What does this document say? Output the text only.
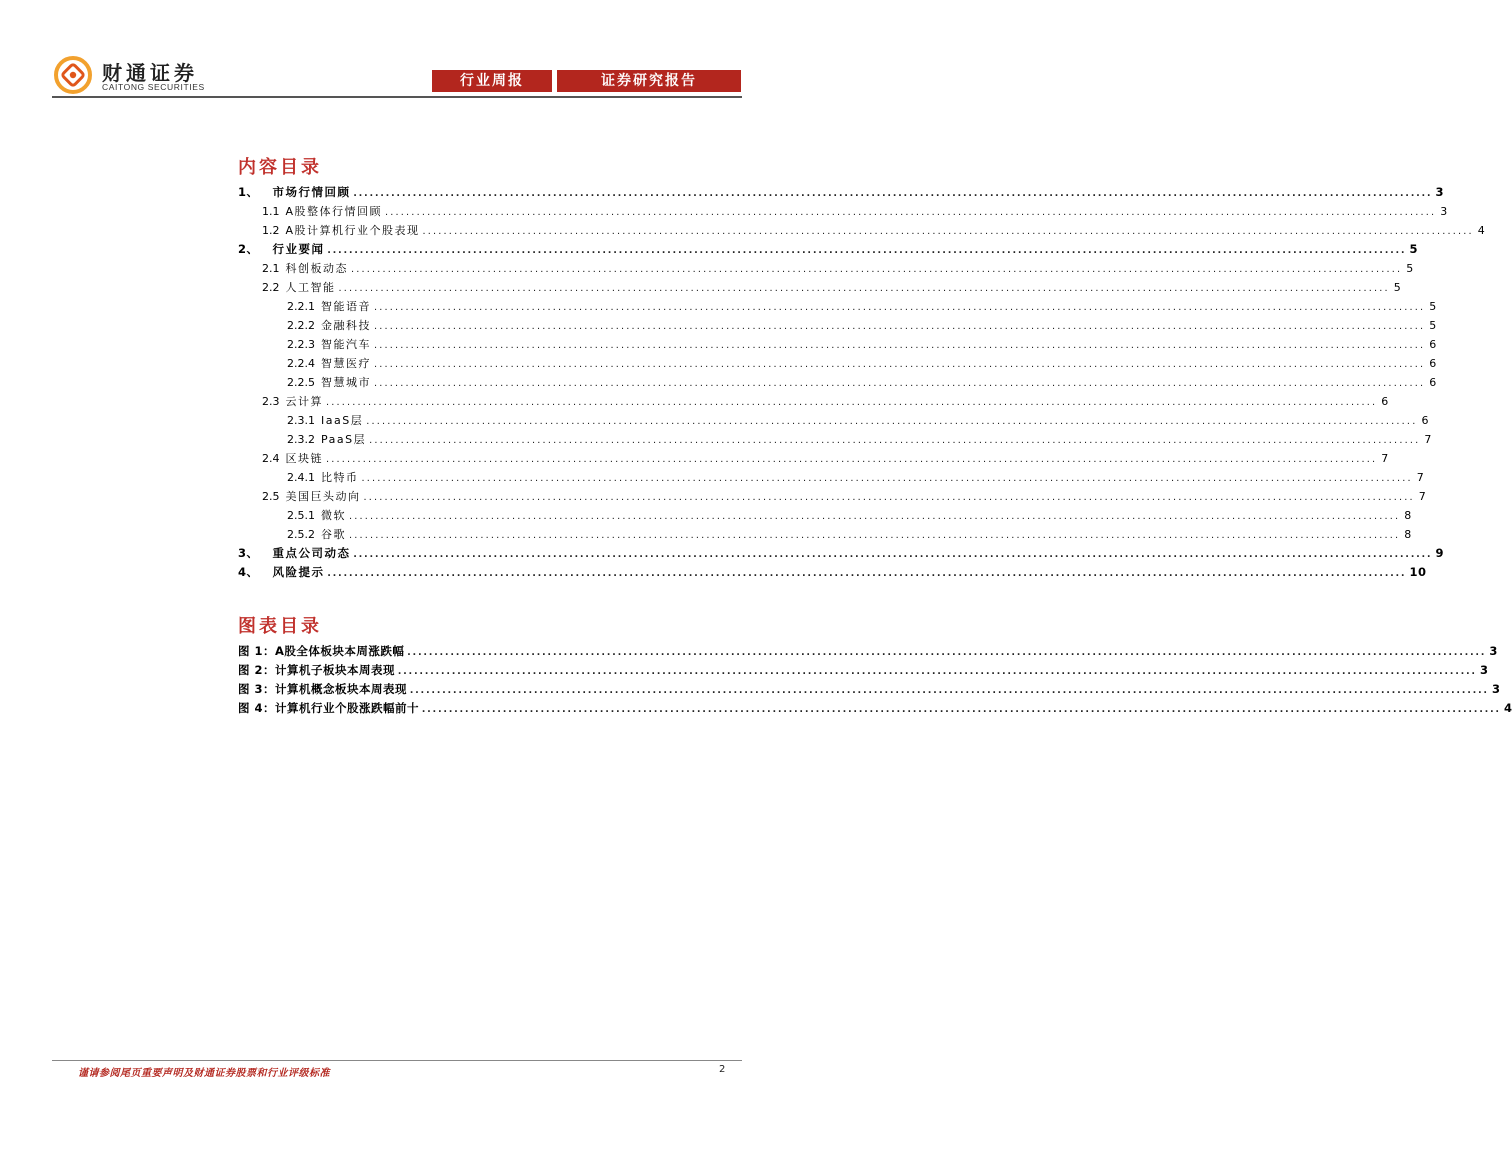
财通证券
CAITONG SECURITIES	行业周报	证券研究报告
内容目录
1、	市场行情回顾 ........................................................................................................................................................................................................ 3
1.1 A股整体行情回顾 ........................................................................................................................................................................................................ 3
1.2 A股计算机行业个股表现 ........................................................................................................................................................................................................ 4
2、	行业要闻 ........................................................................................................................................................................................................ 5
2.1 科创板动态 ........................................................................................................................................................................................................ 5
2.2 人工智能 ........................................................................................................................................................................................................ 5
2.2.1 智能语音 ........................................................................................................................................................................................................ 5
2.2.2 金融科技 ........................................................................................................................................................................................................ 5
2.2.3 智能汽车 ........................................................................................................................................................................................................ 6
2.2.4 智慧医疗 ........................................................................................................................................................................................................ 6
2.2.5 智慧城市 ........................................................................................................................................................................................................ 6
2.3 云计算 ........................................................................................................................................................................................................ 6
2.3.1 IaaS层 ........................................................................................................................................................................................................ 6
2.3.2 PaaS层 ........................................................................................................................................................................................................ 7
2.4 区块链 ........................................................................................................................................................................................................ 7
2.4.1 比特币 ........................................................................................................................................................................................................ 7
2.5 美国巨头动向 ........................................................................................................................................................................................................ 7
2.5.1 微软 ........................................................................................................................................................................................................ 8
2.5.2 谷歌 ........................................................................................................................................................................................................ 8
3、	重点公司动态 ........................................................................................................................................................................................................ 9
4、	风险提示 ........................................................................................................................................................................................................ 10
图表目录
图 1：A股全体板块本周涨跌幅 ........................................................................................................................................................................................................ 3
图 2：计算机子板块本周表现 ........................................................................................................................................................................................................ 3
图 3：计算机概念板块本周表现 ........................................................................................................................................................................................................ 3
图 4：计算机行业个股涨跌幅前十 ........................................................................................................................................................................................................ 4
谨请参阅尾页重要声明及财通证券股票和行业评级标准	2
